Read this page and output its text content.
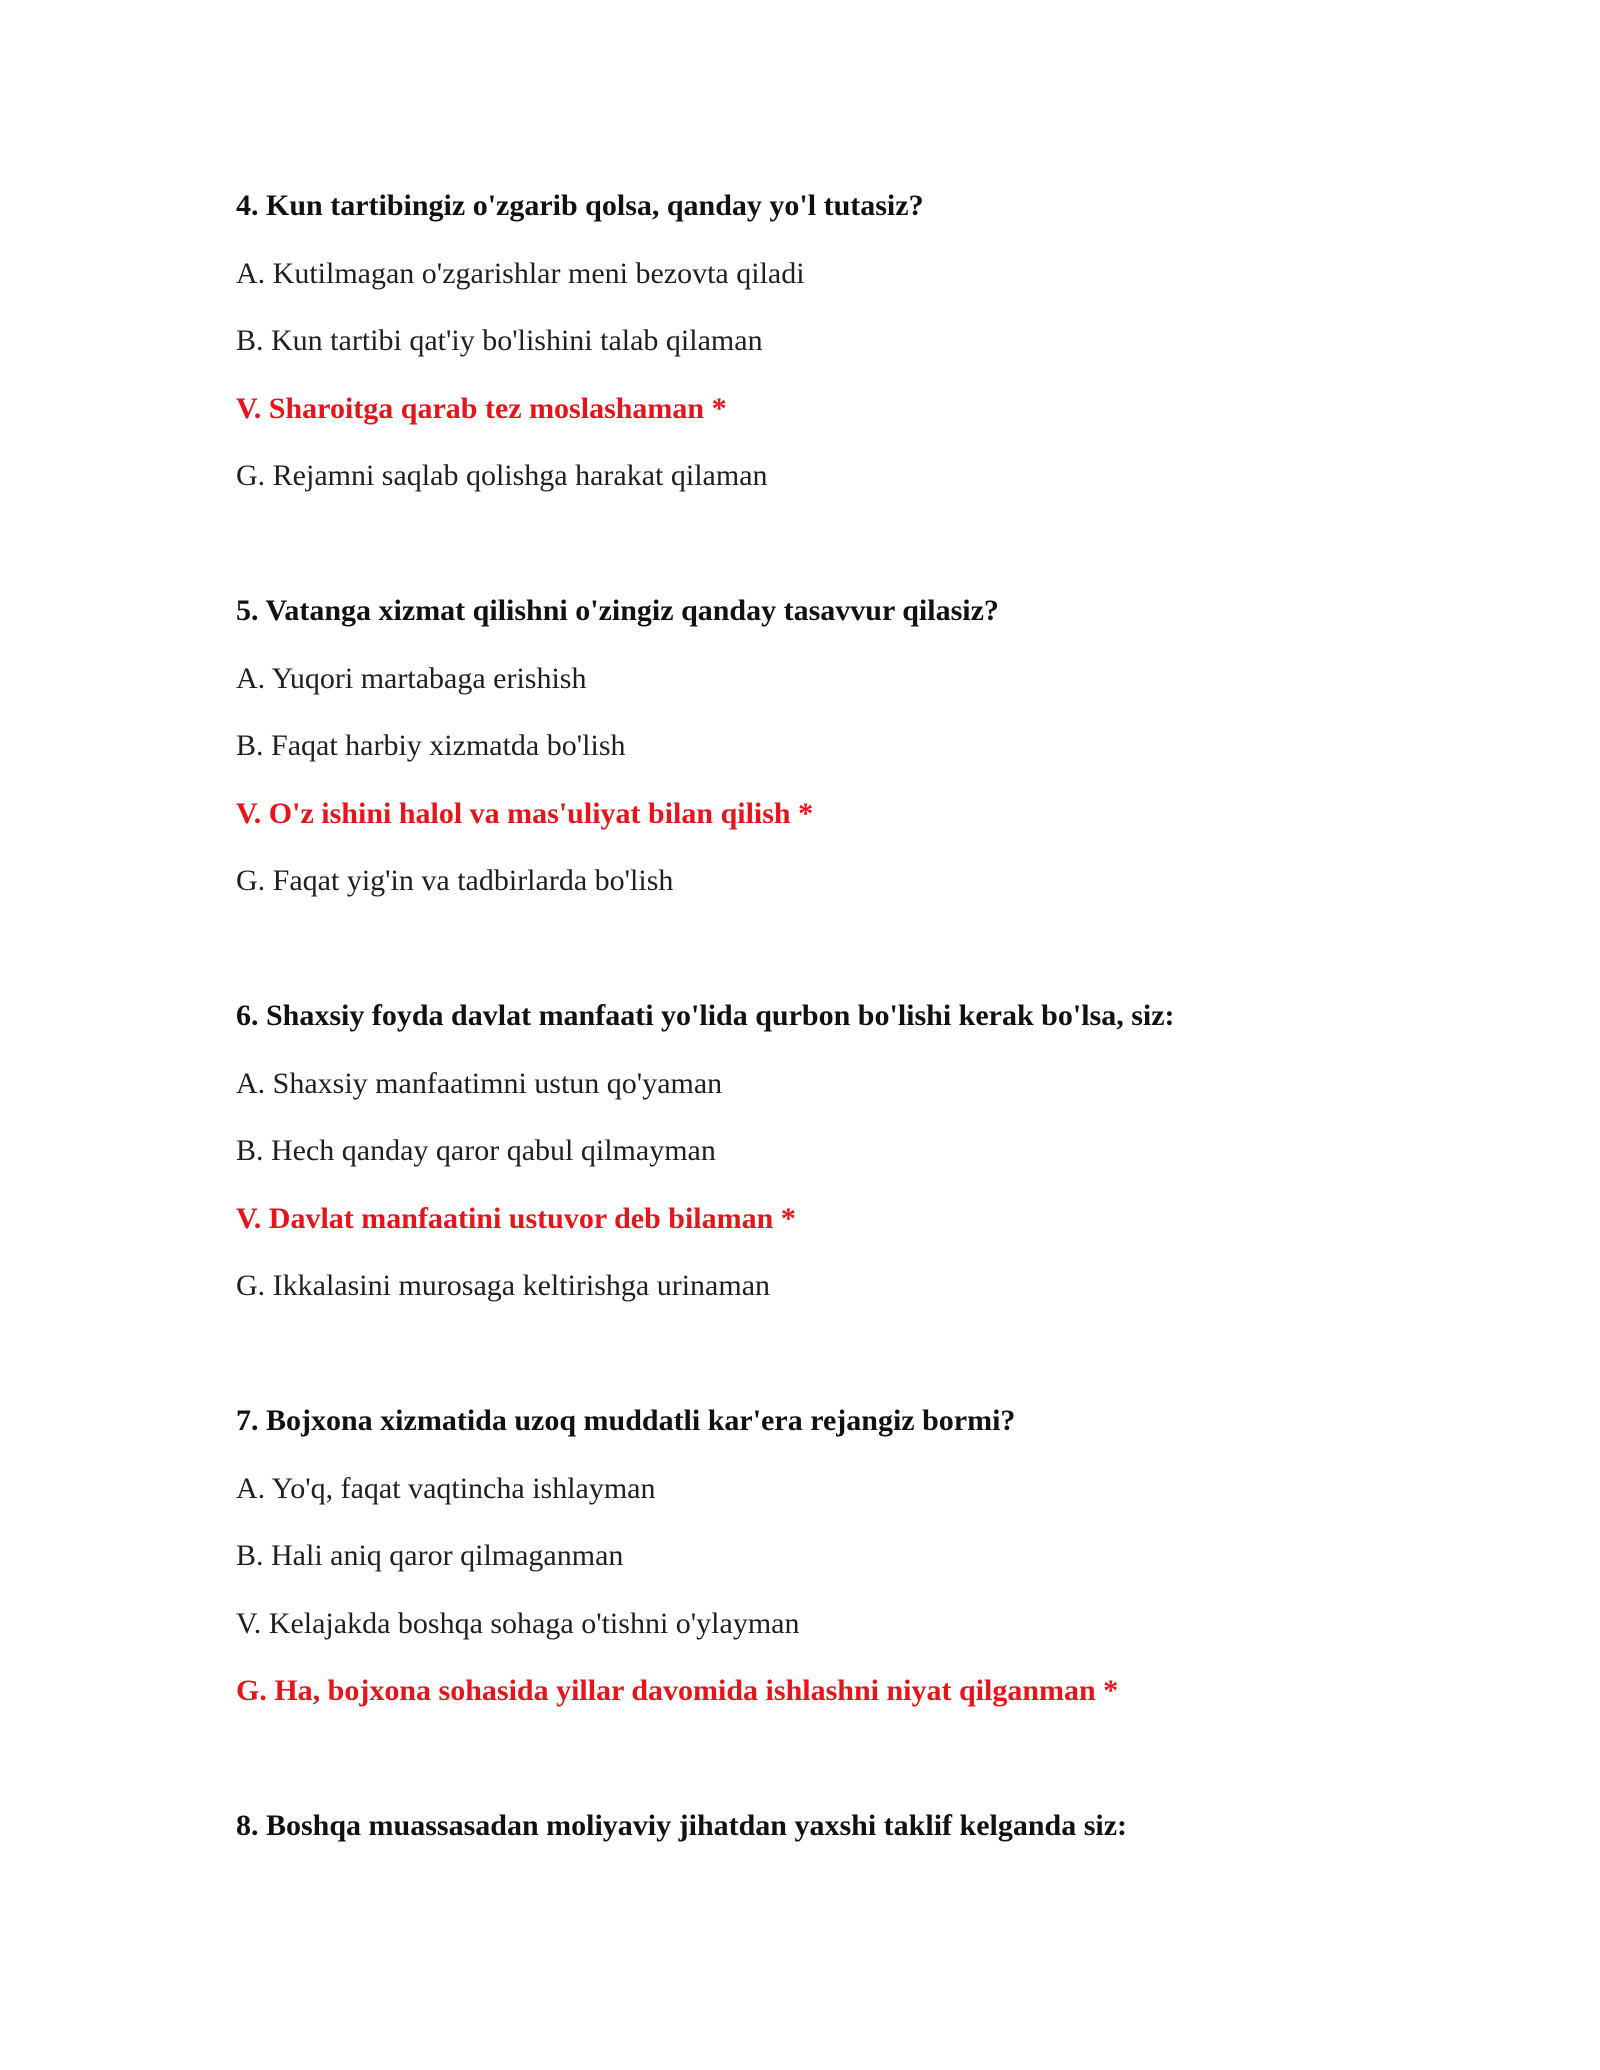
4. Kun tartibingiz o'zgarib qolsa, qanday yo'l tutasiz?
A. Kutilmagan o'zgarishlar meni bezovta qiladi
B. Kun tartibi qat'iy bo'lishini talab qilaman
V. Sharoitga qarab tez moslashaman *
G. Rejamni saqlab qolishga harakat qilaman
5. Vatanga xizmat qilishni o'zingiz qanday tasavvur qilasiz?
A. Yuqori martabaga erishish
B. Faqat harbiy xizmatda bo'lish
V. O'z ishini halol va mas'uliyat bilan qilish *
G. Faqat yig'in va tadbirlarda bo'lish
6. Shaxsiy foyda davlat manfaati yo'lida qurbon bo'lishi kerak bo'lsa, siz:
A. Shaxsiy manfaatimni ustun qo'yaman
B. Hech qanday qaror qabul qilmayman
V. Davlat manfaatini ustuvor deb bilaman *
G. Ikkalasini murosaga keltirishga urinaman
7. Bojxona xizmatida uzoq muddatli kar'era rejangiz bormi?
A. Yo'q, faqat vaqtincha ishlayman
B. Hali aniq qaror qilmaganman
V. Kelajakda boshqa sohaga o'tishni o'ylayman
G. Ha, bojxona sohasida yillar davomida ishlashni niyat qilganman *
8. Boshqa muassasadan moliyaviy jihatdan yaxshi taklif kelganda siz:
